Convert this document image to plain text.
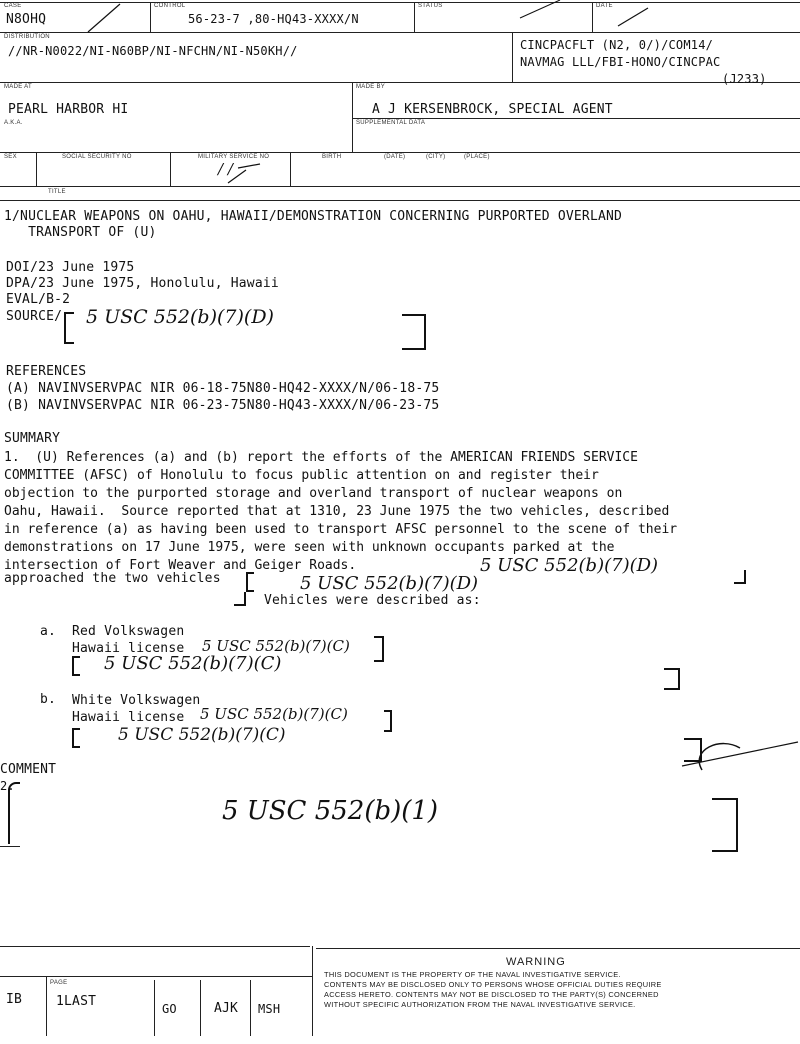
CASE
N8OHQ
CONTROL
56-23-7 ,80-HQ43-XXXX/N
STATUS	DATE
DISTRIBUTION
//NR-N0022/NI-N60BP/NI-NFCHN/NI-N50KH//	CINCPACFLT (N2, 0/)/COM14/
NAVMAG LLL/FBI-HONO/CINCPAC
(J233)
MADE AT
PEARL HARBOR HI
MADE BY
A J KERSENBROCK, SPECIAL AGENT
SUPPLEMENTAL DATA
A.K.A.
SEX	SOCIAL SECURITY NO	MILITARY SERVICE NO
/ /
BIRTH	(DATE)	(CITY)	(PLACE)
TITLE
1/NUCLEAR WEAPONS ON OAHU, HAWAII/DEMONSTRATION CONCERNING PURPORTED OVERLAND
TRANSPORT OF (U)
DOI/23 June 1975
DPA/23 June 1975, Honolulu, Hawaii
EVAL/B-2
SOURCE/ 5 USC 552(b)(7)(D)
REFERENCES
(A) NAVINVSERVPAC NIR 06-18-75N80-HQ42-XXXX/N/06-18-75
(B) NAVINVSERVPAC NIR 06-23-75N80-HQ43-XXXX/N/06-23-75
SUMMARY
1.  (U) References (a) and (b) report the efforts of the AMERICAN FRIENDS SERVICE
COMMITTEE (AFSC) of Honolulu to focus public attention on and register their
objection to the purported storage and overland transport of nuclear weapons on
Oahu, Hawaii.  Source reported that at 1310, 23 June 1975 the two vehicles, described
in reference (a) as having been used to transport AFSC personnel to the scene of their
demonstrations on 17 June 1975, were seen with unknown occupants parked at the
intersection of Fort Weaver and Geiger Roads.	5 USC 552(b)(7)(D)
approached the two vehicles	5 USC 552(b)(7)(D)
Vehicles were described as:
a. Red Volkswagen
Hawaii license 5 USC 552(b)(7)(C)
5 USC 552(b)(7)(C)
b. White Volkswagen
Hawaii license 5 USC 552(b)(7)(C)
5 USC 552(b)(7)(C)
COMMENT
2.
5 USC 552(b)(1)
PAGE
IB	1LAST	GO	AJK MSH
WARNING
THIS DOCUMENT IS THE PROPERTY OF THE NAVAL INVESTIGATIVE SERVICE.
CONTENTS MAY BE DISCLOSED ONLY TO PERSONS WHOSE OFFICIAL DUTIES REQUIRE
ACCESS HERETO. CONTENTS MAY NOT BE DISCLOSED TO THE PARTY(S) CONCERNED
WITHOUT SPECIFIC AUTHORIZATION FROM THE NAVAL INVESTIGATIVE SERVICE.
